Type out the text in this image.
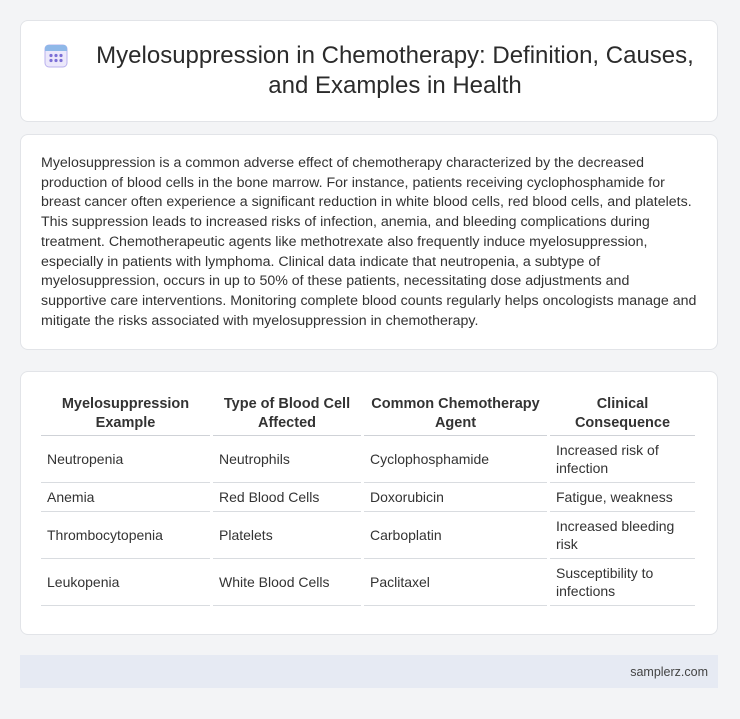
Myelosuppression in Chemotherapy: Definition, Causes, and Examples in Health

Myelosuppression is a common adverse effect of chemotherapy characterized by the decreased production of blood cells in the bone marrow. For instance, patients receiving cyclophosphamide for breast cancer often experience a significant reduction in white blood cells, red blood cells, and platelets. This suppression leads to increased risks of infection, anemia, and bleeding complications during treatment. Chemotherapeutic agents like methotrexate also frequently induce myelosuppression, especially in patients with lymphoma. Clinical data indicate that neutropenia, a subtype of myelosuppression, occurs in up to 50% of these patients, necessitating dose adjustments and supportive care interventions. Monitoring complete blood counts regularly helps oncologists manage and mitigate the risks associated with myelosuppression in chemotherapy.

Myelosuppression Example	Type of Blood Cell Affected	Common Chemotherapy Agent	Clinical Consequence
Neutropenia	Neutrophils	Cyclophosphamide	Increased risk of infection
Anemia	Red Blood Cells	Doxorubicin	Fatigue, weakness
Thrombocytopenia	Platelets	Carboplatin	Increased bleeding risk
Leukopenia	White Blood Cells	Paclitaxel	Susceptibility to infections
samplerz.com
